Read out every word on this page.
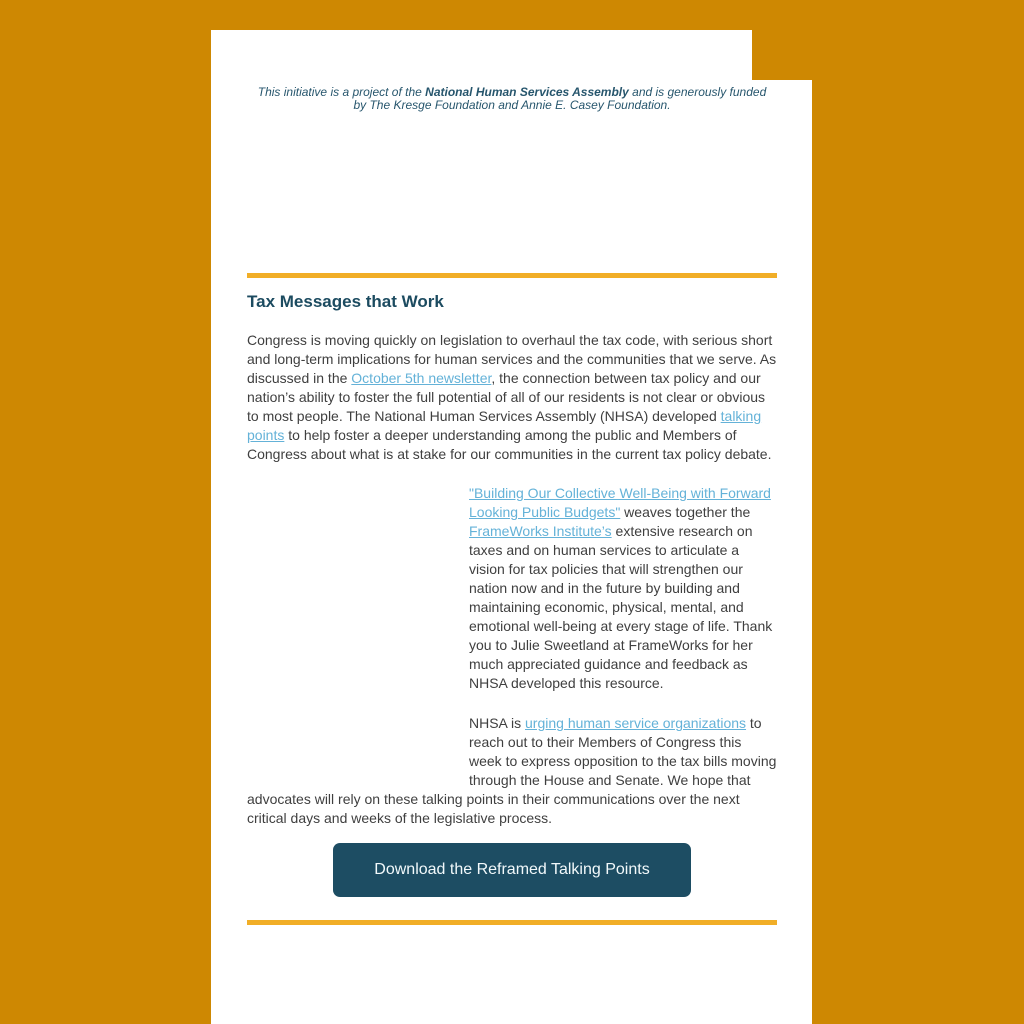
This initiative is a project of the National Human Services Assembly and is generously funded
by The Kresge Foundation and Annie E. Casey Foundation.
Tax Messages that Work

Congress is moving quickly on legislation to overhaul the tax code, with serious short and long-term implications for human services and the communities that we serve. As discussed in the October 5th newsletter, the connection between tax policy and our nation’s ability to foster the full potential of all of our residents is not clear or obvious to most people. The National Human Services Assembly (NHSA) developed talking points to help foster a deeper understanding among the public and Members of Congress about what is at stake for our communities in the current tax policy debate.

"Building Our Collective Well-Being with Forward Looking Public Budgets" weaves together the FrameWorks Institute’s extensive research on taxes and on human services to articulate a vision for tax policies that will strengthen our nation now and in the future by building and maintaining economic, physical, mental, and emotional well-being at every stage of life. Thank you to Julie Sweetland at FrameWorks for her much appreciated guidance and feedback as NHSA developed this resource.

NHSA is urging human service organizations to reach out to their Members of Congress this week to express opposition to the tax bills moving through the House and Senate. We hope that advocates will rely on these talking points in their communications over the next critical days and weeks of the legislative process.

Download the Reframed Talking Points
